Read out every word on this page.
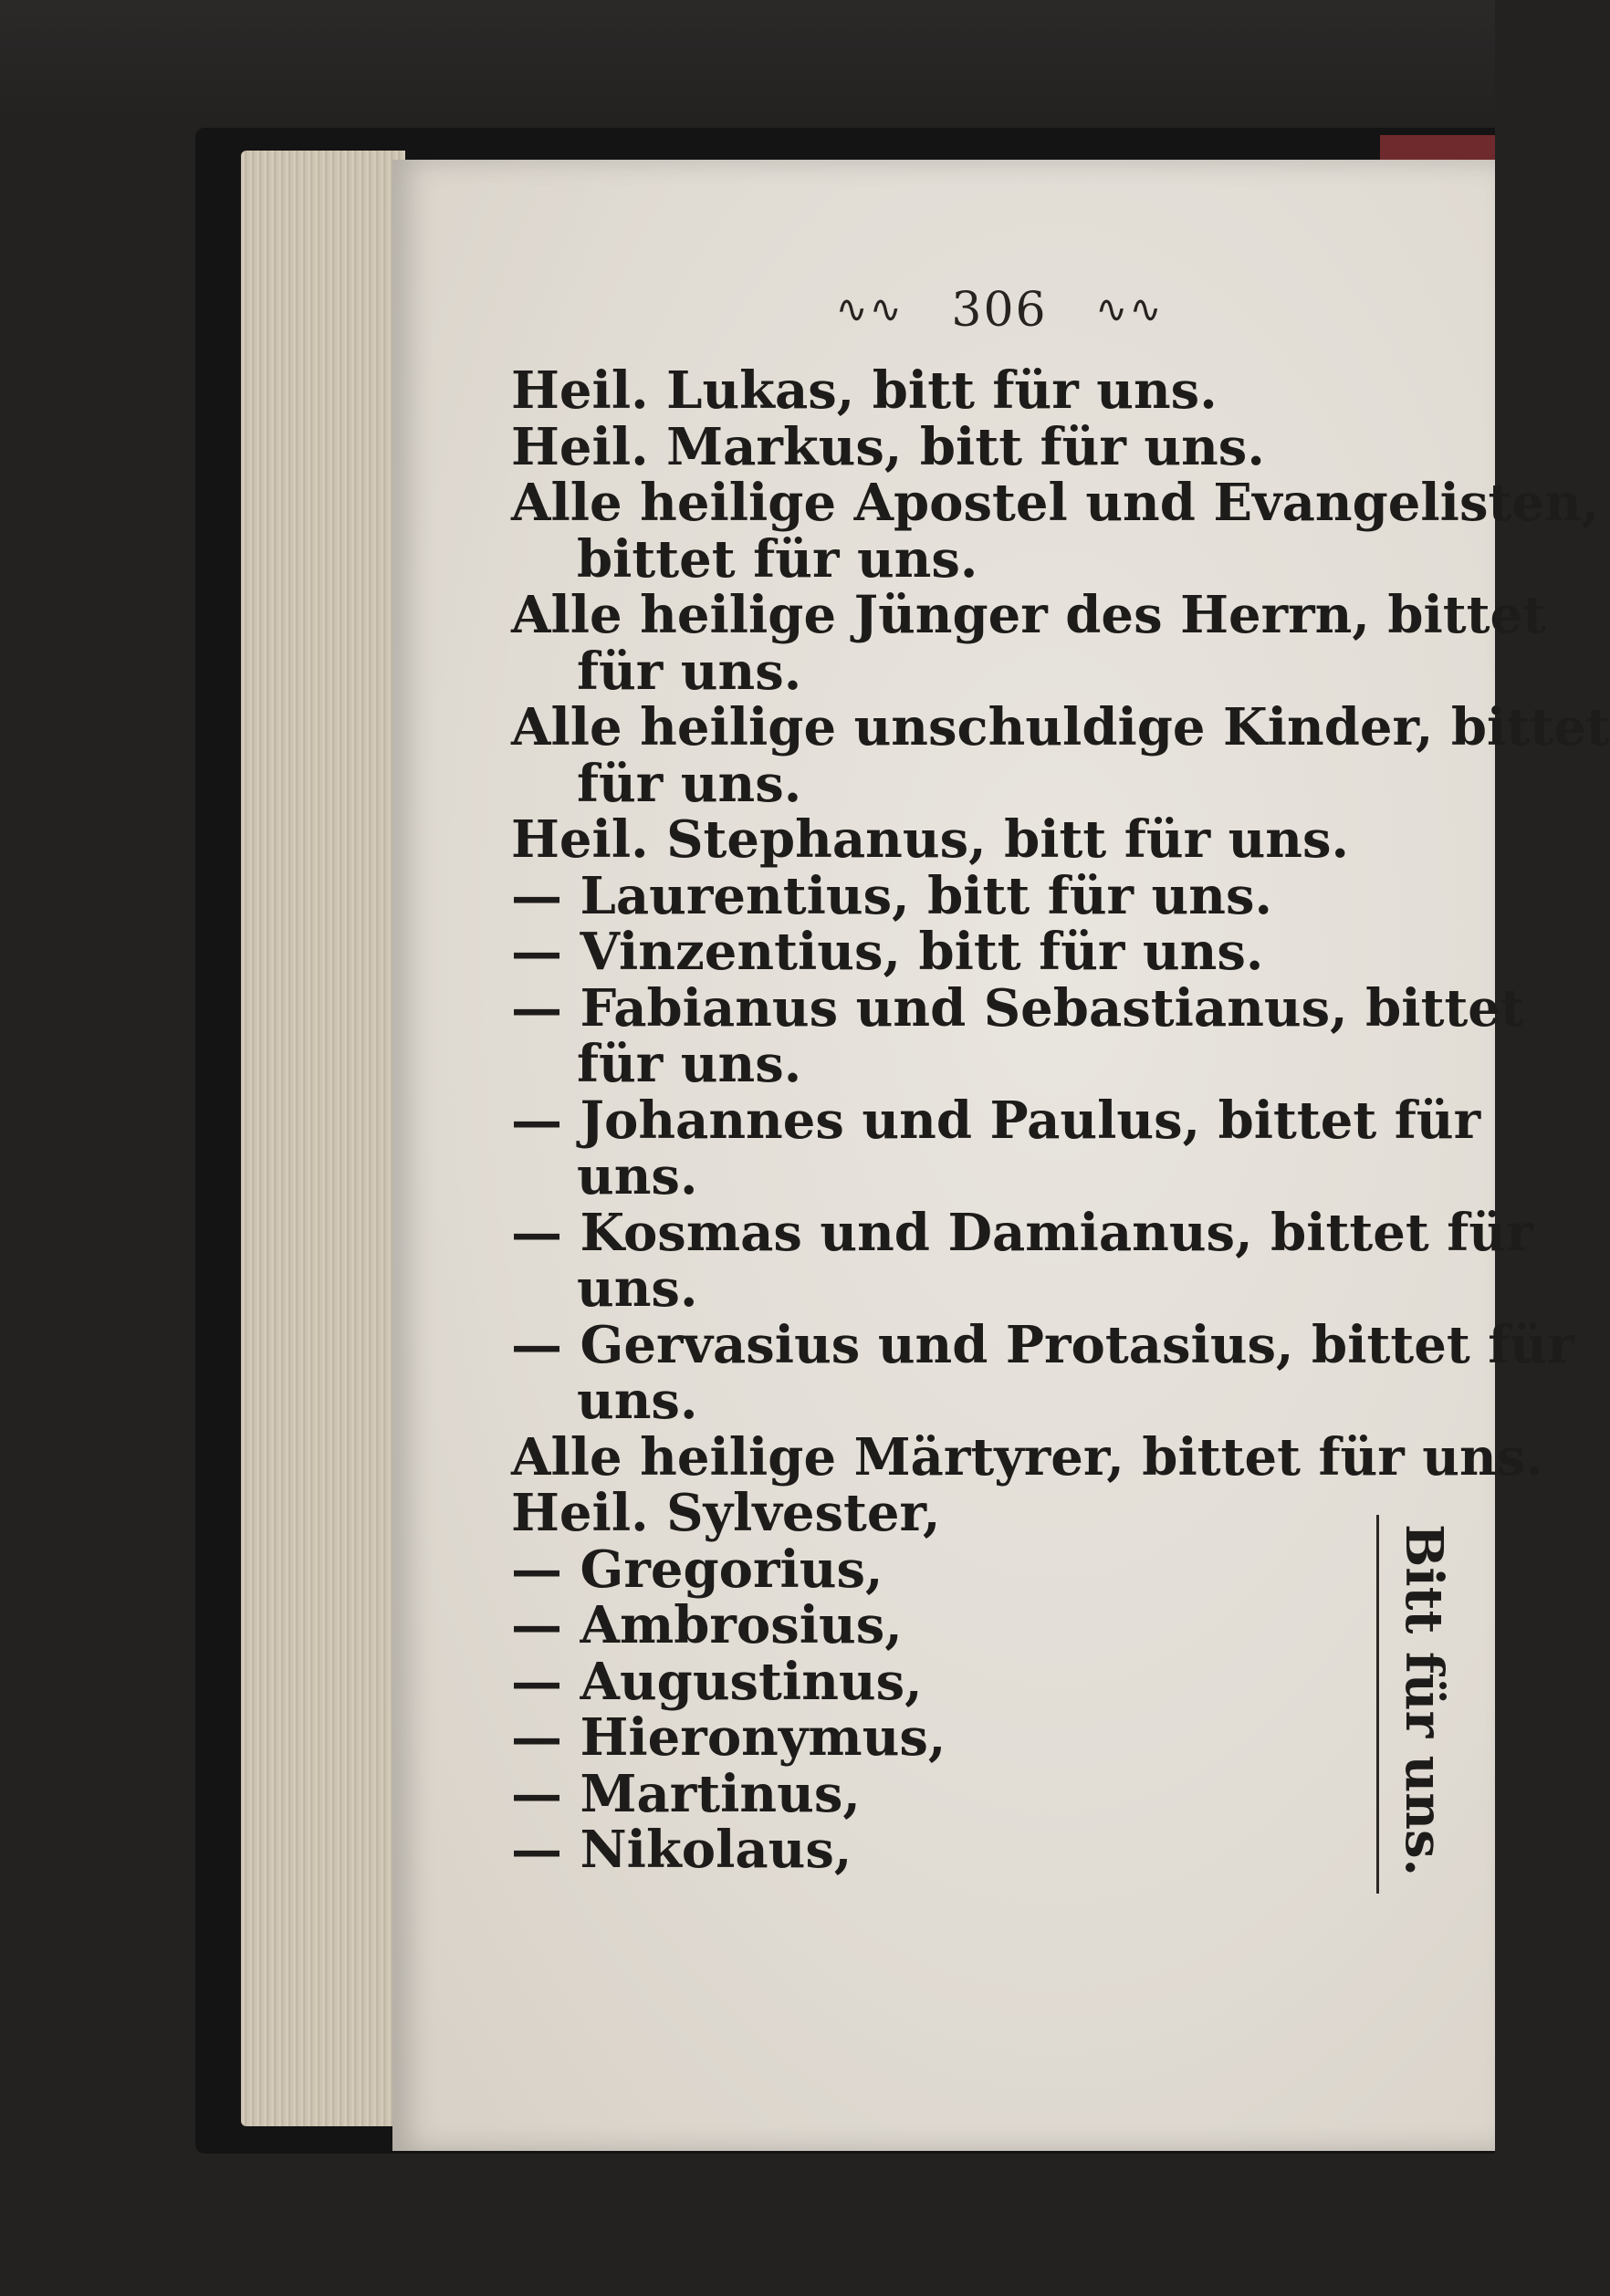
∿∿ 306 ∿∿
Heil. Lukas, bitt für uns.
Heil. Markus, bitt für uns.
Alle heilige Apostel und Evangelisten,
bittet für uns.
Alle heilige Jünger des Herrn, bittet
für uns.
Alle heilige unschuldige Kinder, bittet
für uns.
Heil. Stephanus, bitt für uns.
— Laurentius, bitt für uns.
— Vinzentius, bitt für uns.
— Fabianus und Sebastianus, bittet
für uns.
— Johannes und Paulus, bittet für
uns.
— Kosmas und Damianus, bittet für
uns.
— Gervasius und Protasius, bittet für
uns.
Alle heilige Märtyrer, bittet für uns.
Heil. Sylvester,
— Gregorius,
— Ambrosius,
— Augustinus,
— Hieronymus,
— Martinus,
— Nikolaus,	Bitt für uns.
